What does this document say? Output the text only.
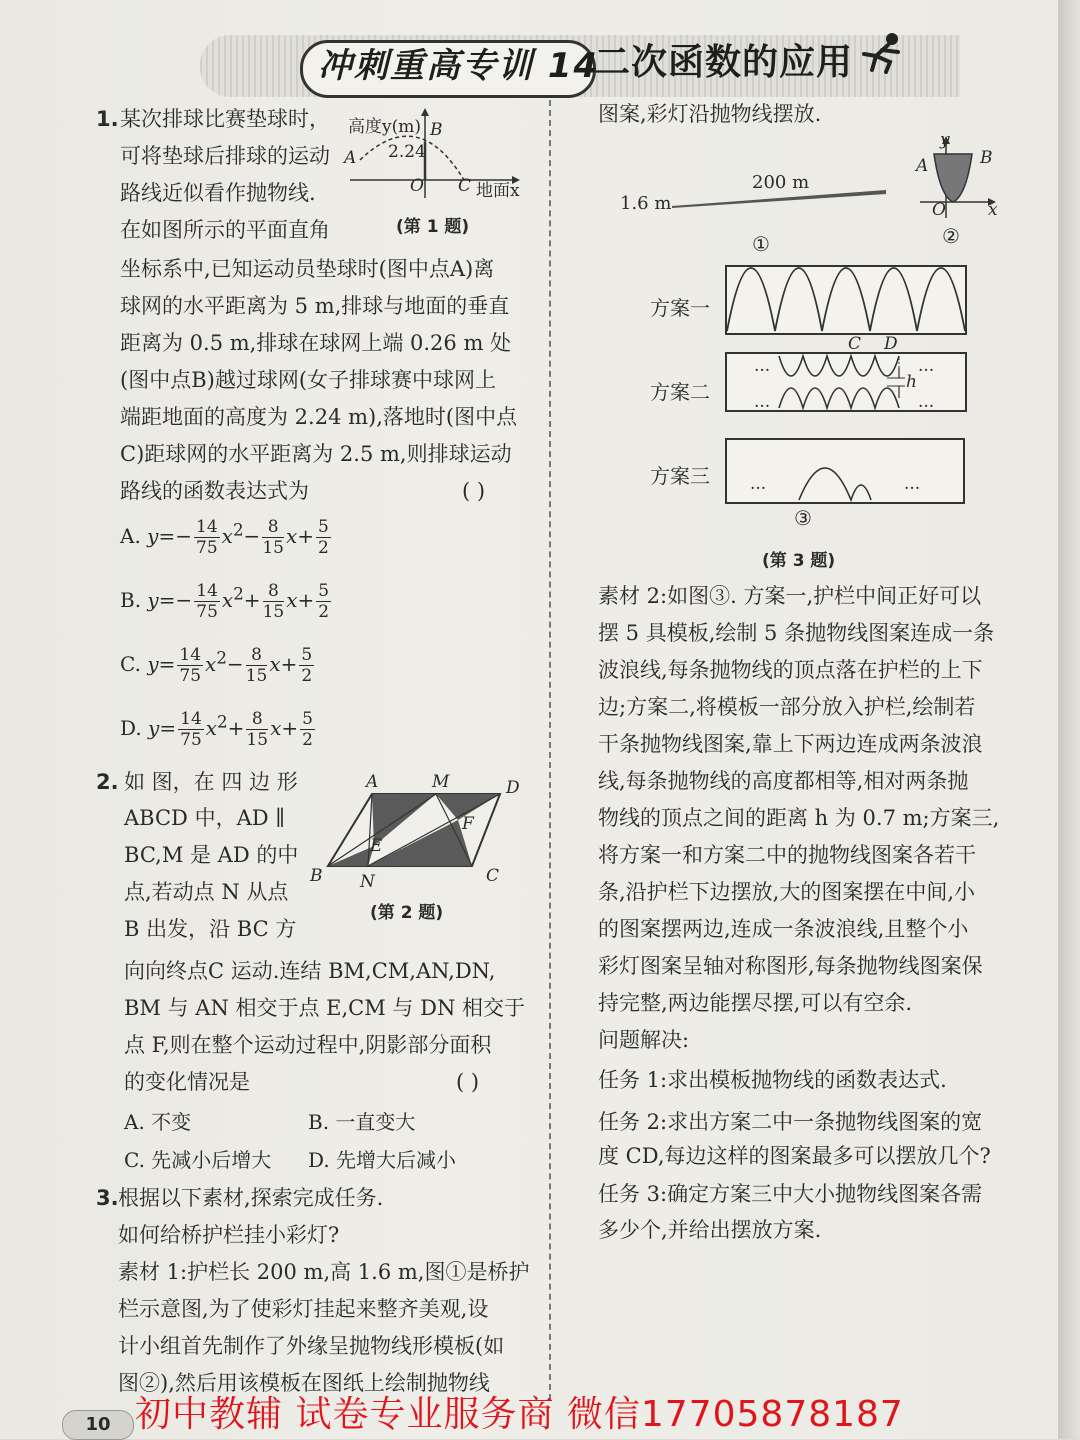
冲刺重高专训 14
二次函数的应用
1. 某次排球比赛垫球时，
可将垫球后排球的运动
路线近似看作抛物线.
在如图所示的平面直角
坐标系中,已知运动员垫球时(图中点A)离
球网的水平距离为 5 m,排球与地面的垂直
距离为 0.5 m,排球在球网上端 0.26 m 处
(图中点B)越过球网(女子排球赛中球网上
端距地面的高度为 2.24 m),落地时(图中点
C)距球网的水平距离为 2.5 m,则排球运动
路线的函数表达式为	( )
高度y(m) B
A 2.24
O C 地面x
(第 1 题)
A. $y=- \frac{14}{75} x^2- \frac{8}{15} x+ \frac{5}{2}$
B. $y=- \frac{14}{75} x^2+ \frac{8}{15} x+ \frac{5}{2}$
C. $y= \frac{14}{75} x^2- \frac{8}{15} x+ \frac{5}{2}$
D. $y= \frac{14}{75} x^2+ \frac{8}{15} x+ \frac{5}{2}$
2. 如 图，在 四 边 形
ABCD 中，AD ∥
BC,M 是 AD 的中
点,若动点 N 从点
B 出发，沿 BC 方
向向终点C 运动.连结 BM,CM,AN,DN,
BM 与 AN 相交于点 E,CM 与 DN 相交于
点 F,则在整个运动过程中,阴影部分面积
的变化情况是	( )
A	M	D
F
E
B N	C
(第 2 题)
A. 不变	B. 一直变大
C. 先减小后增大 D. 先增大后减小
3. 根据以下素材,探索完成任务.
如何给桥护栏挂小彩灯?
素材 1:护栏长 200 m,高 1.6 m,图①是桥护
栏示意图,为了使彩灯挂起来整齐美观,设
计小组首先制作了外缘呈抛物线形模板(如
图②),然后用该模板在图纸上绘制抛物线
图案,彩灯沿抛物线摆放.
1.6 m
200 m
①
y
A	B
O x
②
方案一
方案二
C D
h
...	...
...	...
方案三 ...	...
③
(第 3 题)
素材 2:如图③. 方案一,护栏中间正好可以
摆 5 具模板,绘制 5 条抛物线图案连成一条
波浪线,每条抛物线的顶点落在护栏的上下
边;方案二,将模板一部分放入护栏,绘制若
干条抛物线图案,靠上下两边连成两条波浪
线,每条抛物线的高度都相等,相对两条抛
物线的顶点之间的距离 h 为 0.7 m;方案三,
将方案一和方案二中的抛物线图案各若干
条,沿护栏下边摆放,大的图案摆在中间,小
的图案摆两边,连成一条波浪线,且整个小
彩灯图案呈轴对称图形,每条抛物线图案保
持完整,两边能摆尽摆,可以有空余.
问题解决:
任务 1:求出模板抛物线的函数表达式.
任务 2:求出方案二中一条抛物线图案的宽
度 CD,每边这样的图案最多可以摆放几个?
任务 3:确定方案三中大小抛物线图案各需
多少个,并给出摆放方案.
10 初中教辅 试卷专业服务商 微信17705878187
